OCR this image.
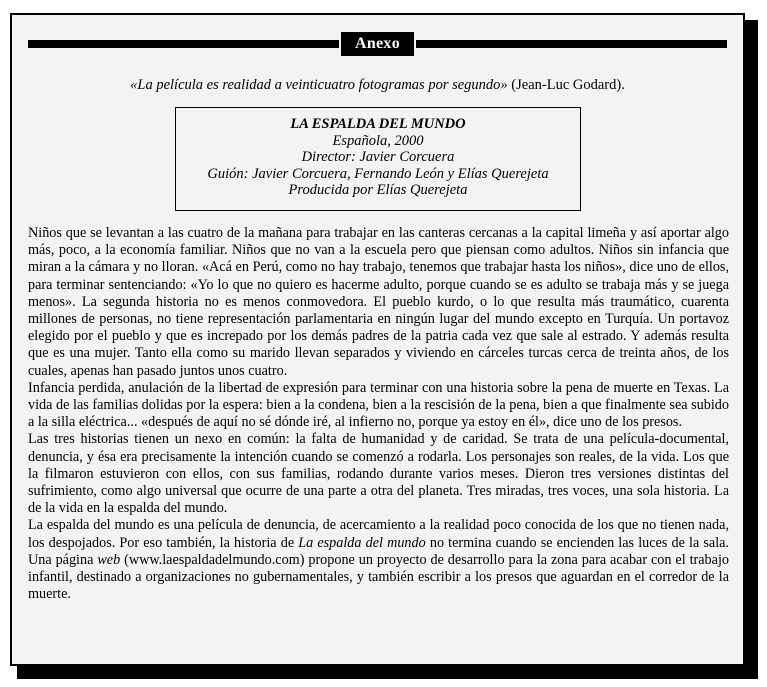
Anexo
«La película es realidad a veinticuatro fotogramas por segundo» (Jean-Luc Godard).
LA ESPALDA DEL MUNDO
Española, 2000
Director: Javier Corcuera
Guión: Javier Corcuera, Fernando León y Elías Querejeta
Producida por Elías Querejeta

Niños que se levantan a las cuatro de la mañana para trabajar en las canteras cercanas a la capital limeña y así aportar algo más, poco, a la economía familiar. Niños que no van a la escuela pero que piensan como adultos. Niños sin infancia que miran a la cámara y no lloran. «Acá en Perú, como no hay trabajo, tenemos que trabajar hasta los niños», dice uno de ellos, para terminar sentenciando: «Yo lo que no quiero es hacerme adulto, porque cuando se es adulto se trabaja más y se juega menos». La segunda historia no es menos conmovedora. El pueblo kurdo, o lo que resulta más traumático, cuarenta millones de personas, no tiene representación parlamentaria en ningún lugar del mundo excepto en Turquía. Un portavoz elegido por el pueblo y que es increpado por los demás padres de la patria cada vez que sale al estrado. Y además resulta que es una mujer. Tanto ella como su marido llevan separados y viviendo en cárceles turcas cerca de treinta años, de los cuales, apenas han pasado juntos unos cuatro.

Infancia perdida, anulación de la libertad de expresión para terminar con una historia sobre la pena de muerte en Texas. La vida de las familias dolidas por la espera: bien a la condena, bien a la rescisión de la pena, bien a que finalmente sea subido a la silla eléctrica... «después de aquí no sé dónde iré, al infierno no, porque ya estoy en él», dice uno de los presos.

Las tres historias tienen un nexo en común: la falta de humanidad y de caridad. Se trata de una película-documental, denuncia, y ésa era precisamente la intención cuando se comenzó a rodarla. Los personajes son reales, de la vida. Los que la filmaron estuvieron con ellos, con sus familias, rodando durante varios meses. Dieron tres versiones distintas del sufrimiento, como algo universal que ocurre de una parte a otra del planeta. Tres miradas, tres voces, una sola historia. La de la vida en la espalda del mundo.

La espalda del mundo es una película de denuncia, de acercamiento a la realidad poco conocida de los que no tienen nada, los despojados. Por eso también, la historia de La espalda del mundo no termina cuando se encienden las luces de la sala. Una página web (www.laespaldadelmundo.com) propone un proyecto de desarrollo para la zona para acabar con el trabajo infantil, destinado a organizaciones no gubernamentales, y también escribir a los presos que aguardan en el corredor de la muerte.
